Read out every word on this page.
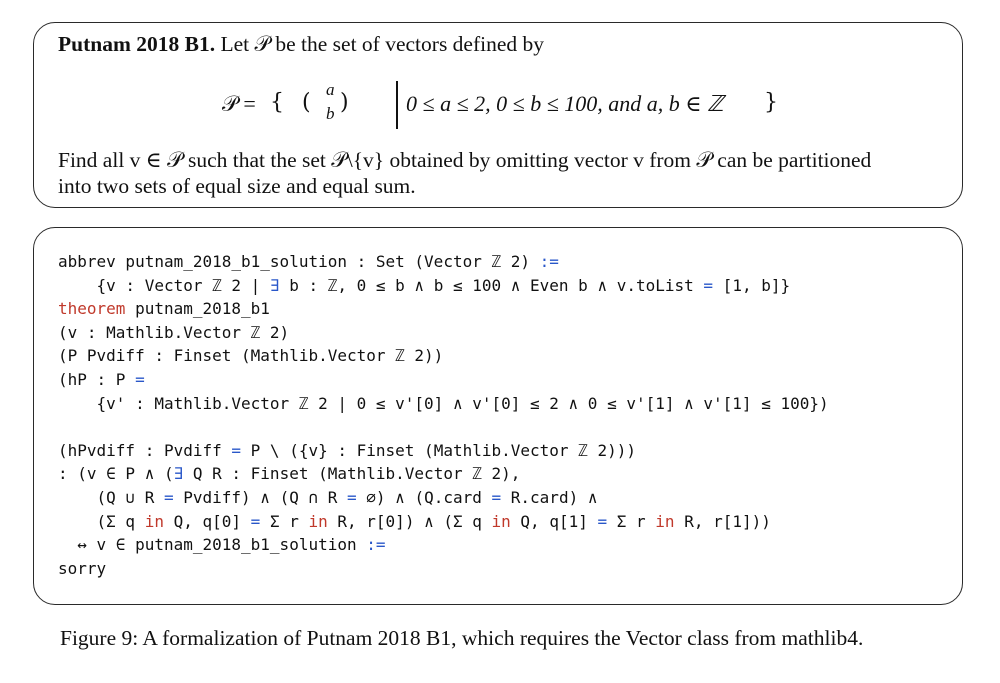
Putnam 2018 B1. Let 𝒫 be the set of vectors defined by
𝒫 = { (
a
b )	0 ≤ a ≤ 2, 0 ≤ b ≤ 100, and a, b ∈ ℤ }
Find all v ∈ 𝒫 such that the set 𝒫\{v} obtained by omitting vector v from 𝒫 can be partitioned
into two sets of equal size and equal sum.
abbrev putnam_2018_b1_solution : Set (Vector ℤ 2) :=
{v : Vector ℤ 2 | ∃ b : ℤ, 0 ≤ b ∧ b ≤ 100 ∧ Even b ∧ v.toList = [1, b]}
theorem putnam_2018_b1
(v : Mathlib.Vector ℤ 2)
(P Pvdiff : Finset (Mathlib.Vector ℤ 2))
(hP : P =
{v' : Mathlib.Vector ℤ 2 | 0 ≤ v'[0] ∧ v'[0] ≤ 2 ∧ 0 ≤ v'[1] ∧ v'[1] ≤ 100})
(hPvdiff : Pvdiff = P \ ({v} : Finset (Mathlib.Vector ℤ 2)))
: (v ∈ P ∧ (∃ Q R : Finset (Mathlib.Vector ℤ 2),
(Q ∪ R = Pvdiff) ∧ (Q ∩ R = ∅) ∧ (Q.card = R.card) ∧
(Σ q in Q, q[0] = Σ r in R, r[0]) ∧ (Σ q in Q, q[1] = Σ r in R, r[1]))
↔ v ∈ putnam_2018_b1_solution :=
sorry
Figure 9: A formalization of Putnam 2018 B1, which requires the Vector class from mathlib4.
